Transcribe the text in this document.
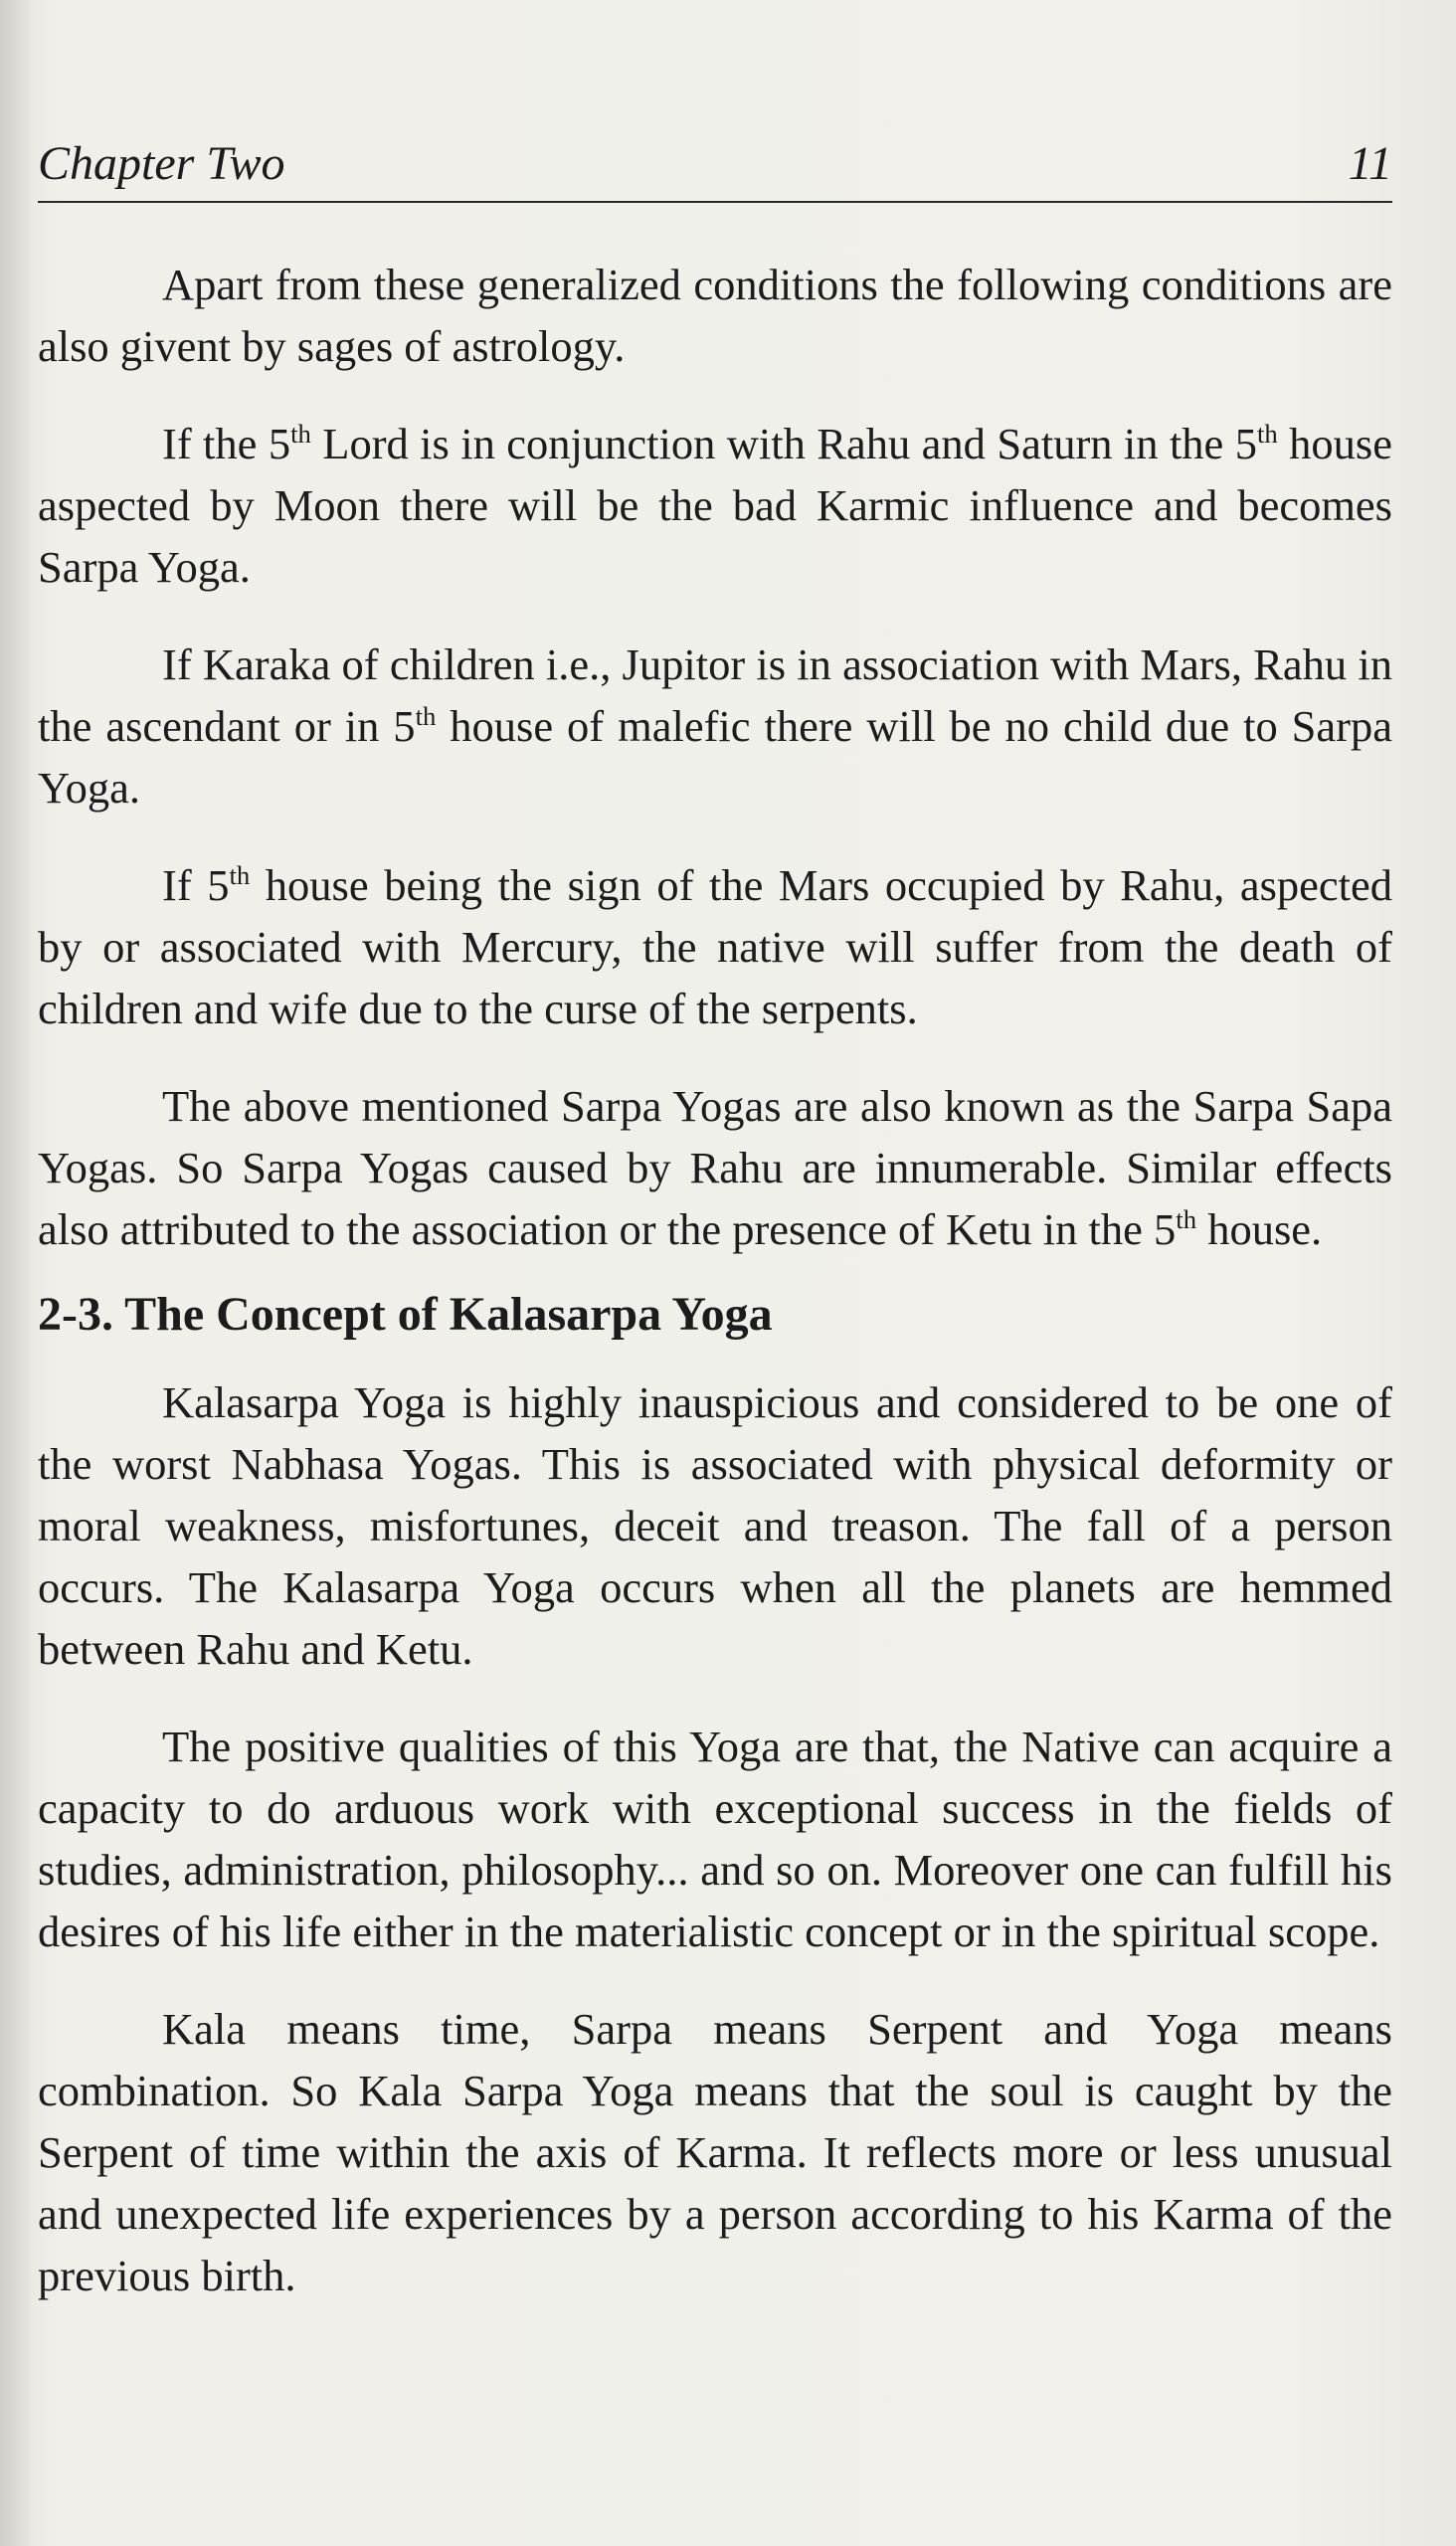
Chapter Two	11

Apart from these generalized conditions the following conditions are also givent by sages of astrology.

If the 5th Lord is in conjunction with Rahu and Saturn in the 5th house aspected by Moon there will be the bad Karmic influence and becomes Sarpa Yoga.

If Karaka of children i.e., Jupitor is in association with Mars, Rahu in the ascendant or in 5th house of malefic there will be no child due to Sarpa Yoga.

If 5th house being the sign of the Mars occupied by Rahu, aspected by or associated with Mercury, the native will suffer from the death of children and wife due to the curse of the serpents.

The above mentioned Sarpa Yogas are also known as the Sarpa Sapa Yogas. So Sarpa Yogas caused by Rahu are innumerable. Similar effects also attributed to the association or the presence of Ketu in the 5th house.

2-3. The Concept of Kalasarpa Yoga

Kalasarpa Yoga is highly inauspicious and considered to be one of the worst Nabhasa Yogas. This is associated with physical deformity or moral weakness, misfortunes, deceit and treason. The fall of a person occurs. The Kalasarpa Yoga occurs when all the planets are hemmed between Rahu and Ketu.

The positive qualities of this Yoga are that, the Native can acquire a capacity to do arduous work with exceptional success in the fields of studies, administration, philosophy... and so on. Moreover one can fulfill his desires of his life either in the materialistic concept or in the spiritual scope.

Kala means time, Sarpa means Serpent and Yoga means combination. So Kala Sarpa Yoga means that the soul is caught by the Serpent of time within the axis of Karma. It reflects more or less unusual and unexpected life experiences by a person according to his Karma of the previous birth.
